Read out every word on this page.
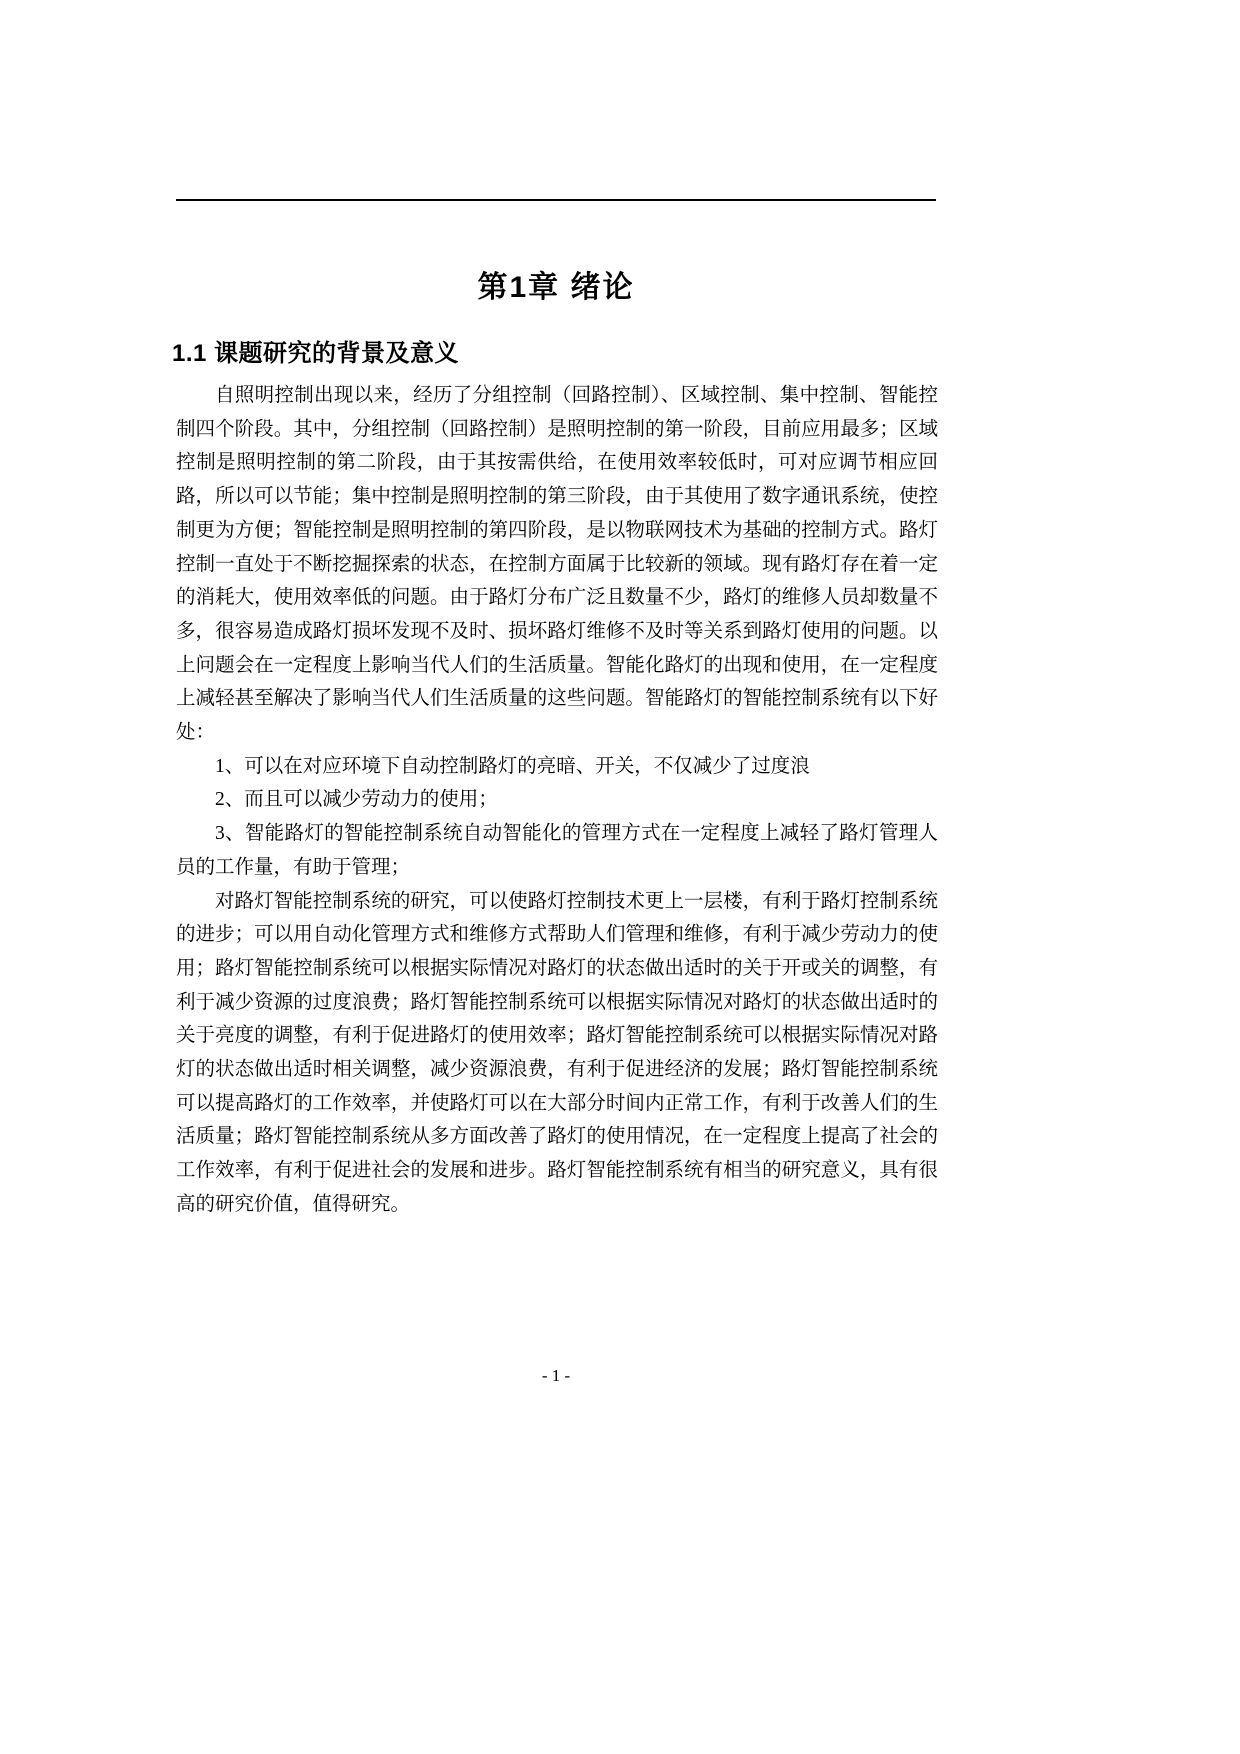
第1章 绪论
1.1 课题研究的背景及意义

自照明控制出现以来，经历了分组控制（回路控制）、区域控制、集中控制、智能控制四个阶段。其中，分组控制（回路控制）是照明控制的第一阶段，目前应用最多；区域控制是照明控制的第二阶段，由于其按需供给，在使用效率较低时，可对应调节相应回路，所以可以节能；集中控制是照明控制的第三阶段，由于其使用了数字通讯系统，使控制更为方便；智能控制是照明控制的第四阶段，是以物联网技术为基础的控制方式。路灯控制一直处于不断挖掘探索的状态，在控制方面属于比较新的领域。现有路灯存在着一定的消耗大，使用效率低的问题。由于路灯分布广泛且数量不少，路灯的维修人员却数量不多，很容易造成路灯损坏发现不及时、损坏路灯维修不及时等关系到路灯使用的问题。以上问题会在一定程度上影响当代人们的生活质量。智能化路灯的出现和使用，在一定程度上减轻甚至解决了影响当代人们生活质量的这些问题。智能路灯的智能控制系统有以下好处：

1、可以在对应环境下自动控制路灯的亮暗、开关，不仅减少了过度浪

2、而且可以减少劳动力的使用；

3、智能路灯的智能控制系统自动智能化的管理方式在一定程度上减轻了路灯管理人员的工作量，有助于管理；

对路灯智能控制系统的研究，可以使路灯控制技术更上一层楼，有利于路灯控制系统的进步；可以用自动化管理方式和维修方式帮助人们管理和维修，有利于减少劳动力的使用；路灯智能控制系统可以根据实际情况对路灯的状态做出适时的关于开或关的调整，有利于减少资源的过度浪费；路灯智能控制系统可以根据实际情况对路灯的状态做出适时的关于亮度的调整，有利于促进路灯的使用效率；路灯智能控制系统可以根据实际情况对路灯的状态做出适时相关调整，减少资源浪费，有利于促进经济的发展；路灯智能控制系统可以提高路灯的工作效率，并使路灯可以在大部分时间内正常工作，有利于改善人们的生活质量；路灯智能控制系统从多方面改善了路灯的使用情况，在一定程度上提高了社会的工作效率，有利于促进社会的发展和进步。路灯智能控制系统有相当的研究意义，具有很高的研究价值，值得研究。

- 1 -
